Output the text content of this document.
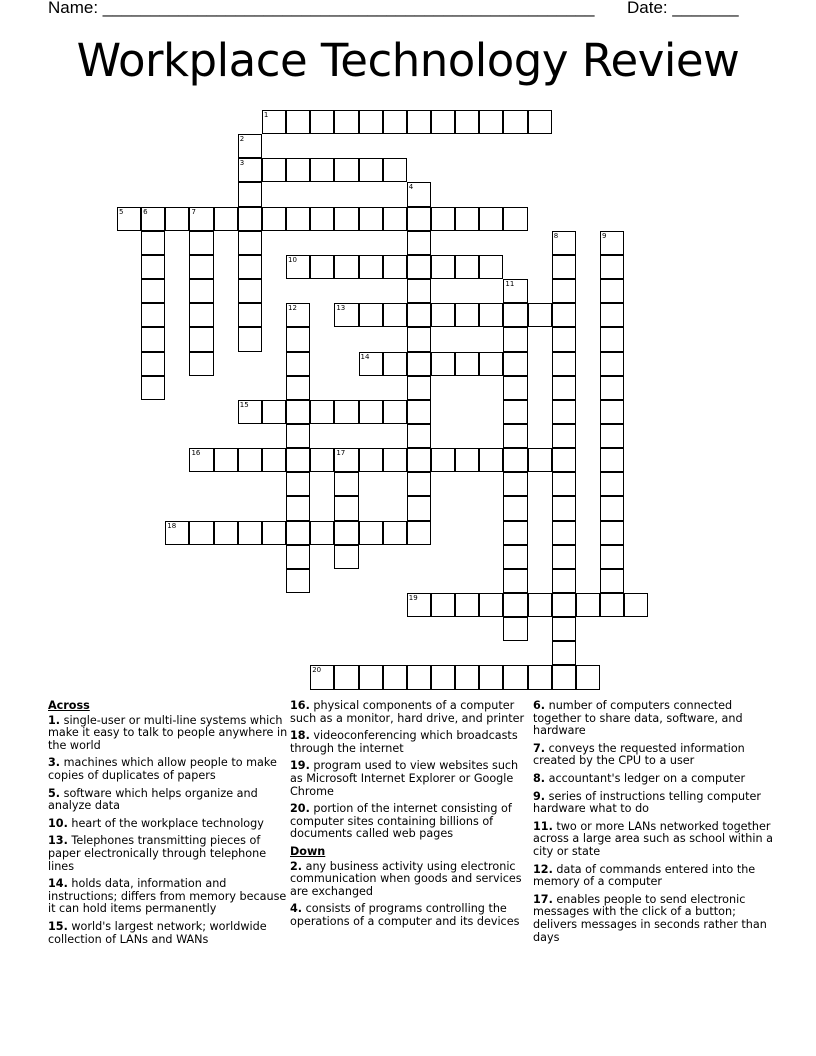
Name: ____________________________________________________ Date: _______
Workplace Technology Review
1
2
3
4
5	6	7
8	9
10
11
12	13
14
15
16	17
18
19
20
Across
1. single-user or multi-line systems which make it easy to talk to people anywhere in the world
3. machines which allow people to make copies of duplicates of papers
5. software which helps organize and analyze data
10. heart of the workplace technology
13. Telephones transmitting pieces of paper electronically through telephone lines
14. holds data, information and instructions; differs from memory because it can hold items permanently
15. world's largest network; worldwide collection of LANs and WANs
16. physical components of a computer such as a monitor, hard drive, and printer
18. videoconferencing which broadcasts through the internet
19. program used to view websites such as Microsoft Internet Explorer or Google Chrome
20. portion of the internet consisting of computer sites containing billions of documents called web pages
Down
2. any business activity using electronic communication when goods and services are exchanged
4. consists of programs controlling the operations of a computer and its devices
6. number of computers connected together to share data, software, and hardware
7. conveys the requested information created by the CPU to a user
8. accountant's ledger on a computer
9. series of instructions telling computer hardware what to do
11. two or more LANs networked together across a large area such as school within a city or state
12. data of commands entered into the memory of a computer
17. enables people to send electronic messages with the click of a button; delivers messages in seconds rather than days
